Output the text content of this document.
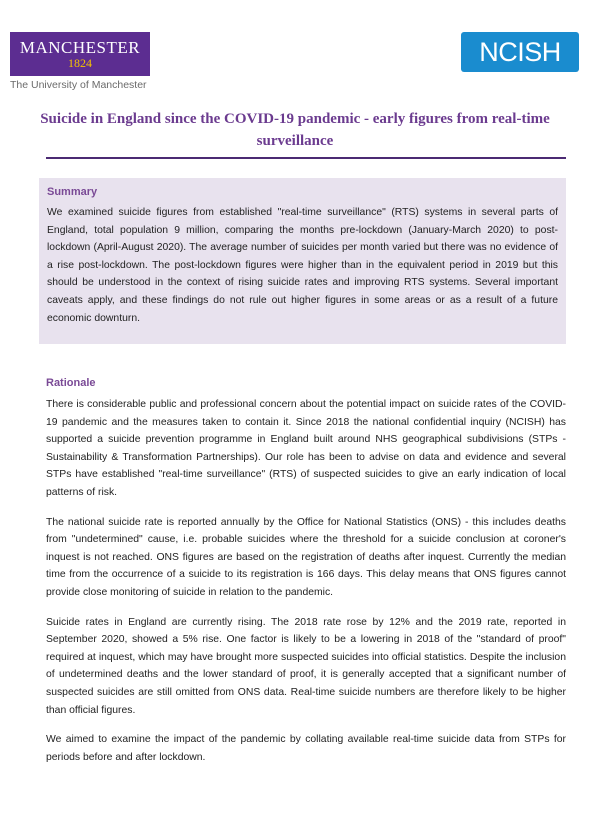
MANCHESTER
1824
The University of Manchester
NCISH
Suicide in England since the COVID-19 pandemic - early figures from real-time surveillance
Summary

We examined suicide figures from established "real-time surveillance" (RTS) systems in several parts of England, total population 9 million, comparing the months pre-lockdown (January-March 2020) to post-lockdown (April-August 2020). The average number of suicides per month varied but there was no evidence of a rise post-lockdown. The post-lockdown figures were higher than in the equivalent period in 2019 but this should be understood in the context of rising suicide rates and improving RTS systems. Several important caveats apply, and these findings do not rule out higher figures in some areas or as a result of a future economic downturn.

Rationale

There is considerable public and professional concern about the potential impact on suicide rates of the COVID-19 pandemic and the measures taken to contain it. Since 2018 the national confidential inquiry (NCISH) has supported a suicide prevention programme in England built around NHS geographical subdivisions (STPs - Sustainability & Transformation Partnerships). Our role has been to advise on data and evidence and several STPs have established "real-time surveillance" (RTS) of suspected suicides to give an early indication of local patterns of risk.

The national suicide rate is reported annually by the Office for National Statistics (ONS) - this includes deaths from "undetermined" cause, i.e. probable suicides where the threshold for a suicide conclusion at coroner's inquest is not reached. ONS figures are based on the registration of deaths after inquest. Currently the median time from the occurrence of a suicide to its registration is 166 days. This delay means that ONS figures cannot provide close monitoring of suicide in relation to the pandemic.

Suicide rates in England are currently rising. The 2018 rate rose by 12% and the 2019 rate, reported in September 2020, showed a 5% rise. One factor is likely to be a lowering in 2018 of the "standard of proof" required at inquest, which may have brought more suspected suicides into official statistics. Despite the inclusion of undetermined deaths and the lower standard of proof, it is generally accepted that a significant number of suspected suicides are still omitted from ONS data. Real-time suicide numbers are therefore likely to be higher than official figures.

We aimed to examine the impact of the pandemic by collating available real-time suicide data from STPs for periods before and after lockdown.
